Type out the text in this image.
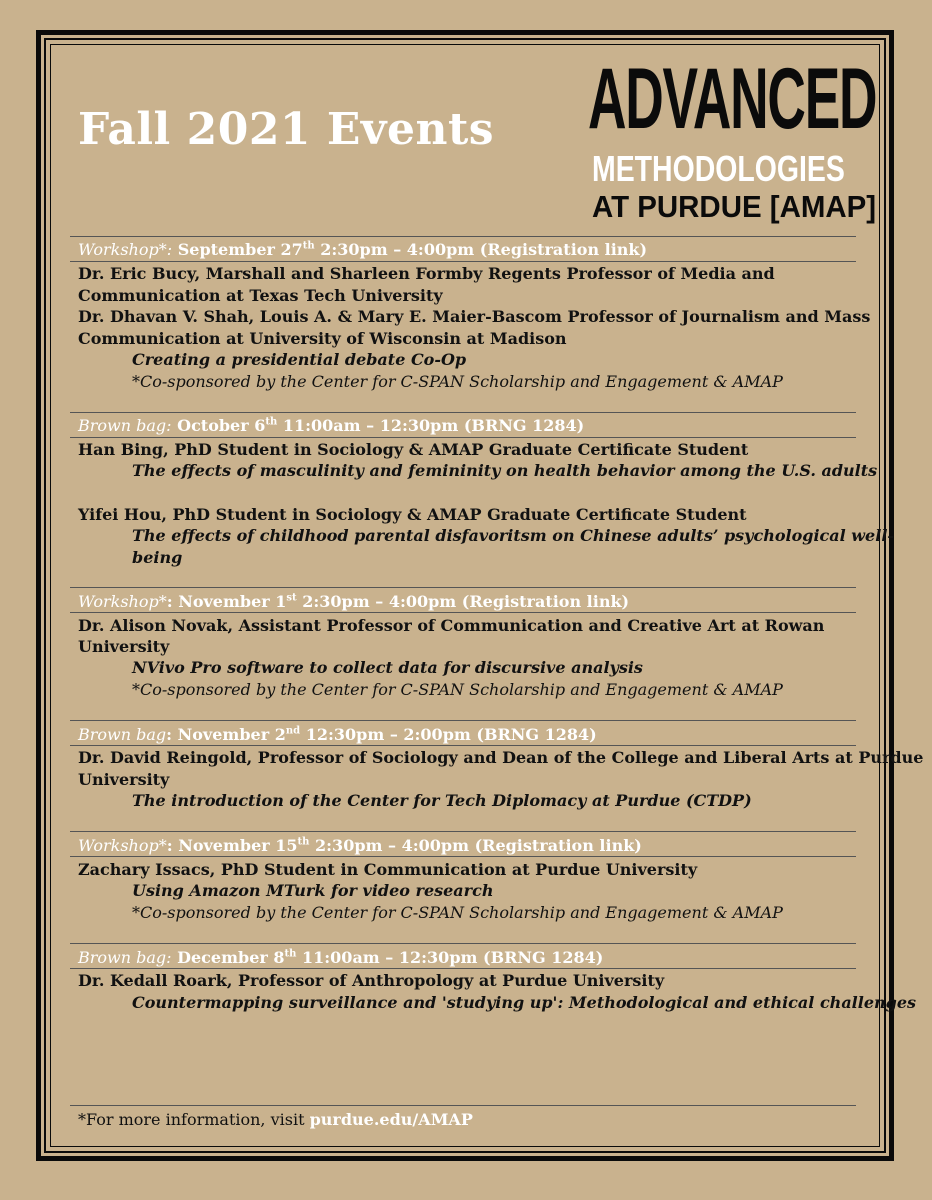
Fall 2021 Events ADVANCED
METHODOLOGIES
AT PURDUE [AMAP]
Workshop*: September 27th 2:30pm – 4:00pm (Registration link)
Dr. Eric Bucy, Marshall and Sharleen Formby Regents Professor of Media and
Communication at Texas Tech University
Dr. Dhavan V. Shah, Louis A. & Mary E. Maier-Bascom Professor of Journalism and Mass
Communication at University of Wisconsin at Madison
Creating a presidential debate Co-Op
*Co-sponsored by the Center for C-SPAN Scholarship and Engagement & AMAP
Brown bag: October 6th 11:00am – 12:30pm (BRNG 1284)
Han Bing, PhD Student in Sociology & AMAP Graduate Certificate Student
The effects of masculinity and femininity on health behavior among the U.S. adults
Yifei Hou, PhD Student in Sociology & AMAP Graduate Certificate Student
The effects of childhood parental disfavoritsm on Chinese adults’ psychological well-
being
Workshop*: November 1st 2:30pm – 4:00pm (Registration link)
Dr. Alison Novak, Assistant Professor of Communication and Creative Art at Rowan
University
NVivo Pro software to collect data for discursive analysis
*Co-sponsored by the Center for C-SPAN Scholarship and Engagement & AMAP
Brown bag: November 2nd 12:30pm – 2:00pm (BRNG 1284)
Dr. David Reingold, Professor of Sociology and Dean of the College and Liberal Arts at Purdue
University
The introduction of the Center for Tech Diplomacy at Purdue (CTDP)
Workshop*: November 15th 2:30pm – 4:00pm (Registration link)
Zachary Issacs, PhD Student in Communication at Purdue University
Using Amazon MTurk for video research
*Co-sponsored by the Center for C-SPAN Scholarship and Engagement & AMAP
Brown bag: December 8th 11:00am – 12:30pm (BRNG 1284)
Dr. Kedall Roark, Professor of Anthropology at Purdue University
Countermapping surveillance and 'studying up': Methodological and ethical challenges
*For more information, visit purdue.edu/AMAP
